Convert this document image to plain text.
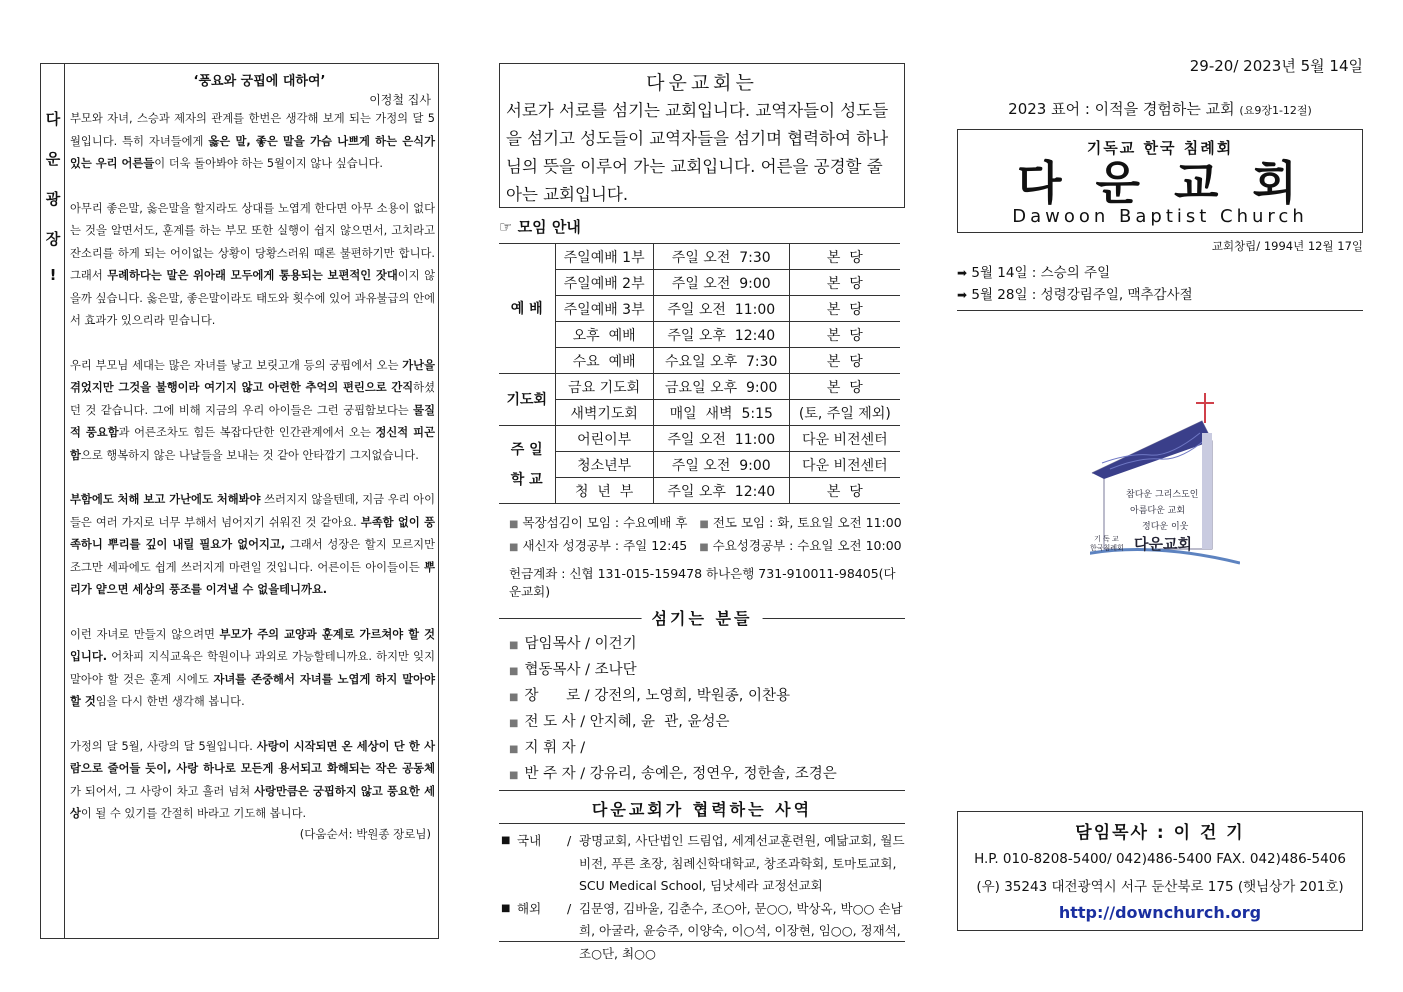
다
운
광
장
!
‘풍요와 궁핍에 대하여’
이정철 집사

부모와 자녀, 스승과 제자의 관계를 한번은 생각해 보게 되는 가정의 달 5월입니다. 특히 자녀들에게 옳은 말, 좋은 말을 가슴 나쁘게 하는 은식가 있는 우리 어른들이 더욱 돌아봐야 하는 5월이지 않나 싶습니다.

아무리 좋은말, 옳은말을 할지라도 상대를 노엽게 한다면 아무 소용이 없다는 것을 알면서도, 훈계를 하는 부모 또한 실행이 쉽지 않으면서, 고치라고 잔소리를 하게 되는 어이없는 상황이 당황스러워 때론 불편하기만 합니다. 그래서 무례하다는 말은 위아래 모두에게 통용되는 보편적인 잣대이지 않을까 싶습니다. 옳은말, 좋은말이라도 태도와 횟수에 있어 과유불급의 안에서 효과가 있으리라 믿습니다.

우리 부모님 세대는 많은 자녀를 낳고 보릿고개 등의 궁핍에서 오는 가난을 겪었지만 그것을 불행이라 여기지 않고 아련한 추억의 편린으로 간직하셨던 것 같습니다. 그에 비해 지금의 우리 아이들은 그런 궁핍함보다는 물질적 풍요함과 어른조차도 힘든 복잡다단한 인간관계에서 오는 정신적 피곤함으로 행복하지 않은 나날들을 보내는 것 같아 안타깝기 그지없습니다.

부함에도 처해 보고 가난에도 처해봐야 쓰러지지 않을텐데, 지금 우리 아이들은 여러 가지로 너무 부해서 넘어지기 쉬워진 것 같아요. 부족함 없이 풍족하니 뿌리를 깊이 내릴 필요가 없어지고, 그래서 성장은 할지 모르지만 조그만 세파에도 쉽게 쓰러지게 마련일 것입니다. 어른이든 아이들이든 뿌리가 얕으면 세상의 풍조를 이겨낼 수 없을테니까요.

이런 자녀로 만들지 않으려면 부모가 주의 교양과 훈계로 가르쳐야 할 것입니다. 어차피 지식교육은 학원이나 과외로 가능할테니까요. 하지만 잊지 말아야 할 것은 훈계 시에도 자녀를 존중해서 자녀를 노엽게 하지 말아야 할 것임을 다시 한번 생각해 봅니다.

가정의 달 5월, 사랑의 달 5월입니다. 사랑이 시작되면 온 세상이 단 한 사람으로 줄어들 듯이, 사랑 하나로 모든게 용서되고 화해되는 작은 공동체가 되어서, 그 사랑이 차고 흘러 넘쳐 사랑만큼은 궁핍하지 않고 풍요한 세상이 될 수 있기를 간절히 바라고 기도해 봅니다.

(다움순서: 박원종 장로님)
다운교회는
서로가 서로를 섬기는 교회입니다. 교역자들이 성도들을 섬기고 성도들이 교역자들을 섬기며 협력하여 하나님의 뜻을 이루어 가는 교회입니다. 어른을 공경할 줄 아는 교회입니다.
☞ 모임 안내
예 배	주일예배 1부	주일 오전  7:30	본  당
	주일예배 2부	주일 오전  9:00	본  당
	주일예배 3부	주일 오전  11:00	본  당
	오후  예배	주일 오후  12:40	본  당
	수요  예배	수요일 오후  7:30	본  당
기도회	금요 기도회	금요일 오후  9:00	본  당
	새벽기도회	매일  새벽  5:15	(토, 주일 제외)
주 일
학 교	어린이부	주일 오전  11:00	다운 비전센터
	청소년부	주일 오전  9:00	다운 비전센터
	청  년  부	주일 오후  12:40	본  당
■ 목장섬김이 모임 : 수요예배 후 ■ 전도 모임 : 화, 토요일 오전 11:00
■ 새신자 성경공부 : 주일 12:45 ■ 수요성경공부 : 수요일 오전 10:00
헌금계좌 : 신협 131-015-159478 하나은행 731-910011-98405(다운교회)
섬기는 분들
■ 담임목사 / 이건기
■ 협동목사 / 조나단
■ 장      로 / 강전의, 노영희, 박원종, 이찬용
■ 전 도 사 / 안지혜, 윤  관, 윤성은
■ 지 휘 자 /
■ 반 주 자 / 강유리, 송예은, 정연우, 정한솔, 조경은
다운교회가 협력하는 사역
■ 국내	/ 광명교회, 사단법인 드림업, 세계선교훈련원, 예닮교회, 월드비전, 푸른 초장, 침례신학대학교, 창조과학회, 토마토교회, SCU Medical School, 딤낫세라 교정선교회
■ 해외	/ 김문영, 김바울, 김춘수, 조○아, 문○○, 박상옥, 박○○ 손남희, 아굴라, 윤승주, 이양숙, 이○석, 이장현, 임○○, 정재석, 조○단, 최○○
29-20/ 2023년 5월 14일
2023 표어 : 이적을 경험하는 교회 (요9장1-12절)
기독교 한국 침례회
다운교회
Dawoon Baptist Church
교회창립/ 1994년 12월 17일
➡ 5월 14일 : 스승의 주일
➡ 5월 28일 : 성령강림주일, 맥추감사절
참다운 그리스도인
아름다운 교회
정다운 이웃
기 독 교
한국침례회 다운교회
담임목사 : 이 건 기
H.P. 010-8208-5400/ 042)486-5400 FAX. 042)486-5406
(우) 35243 대전광역시 서구 둔산북로 175 (햇님상가 201호)
http://downchurch.org
